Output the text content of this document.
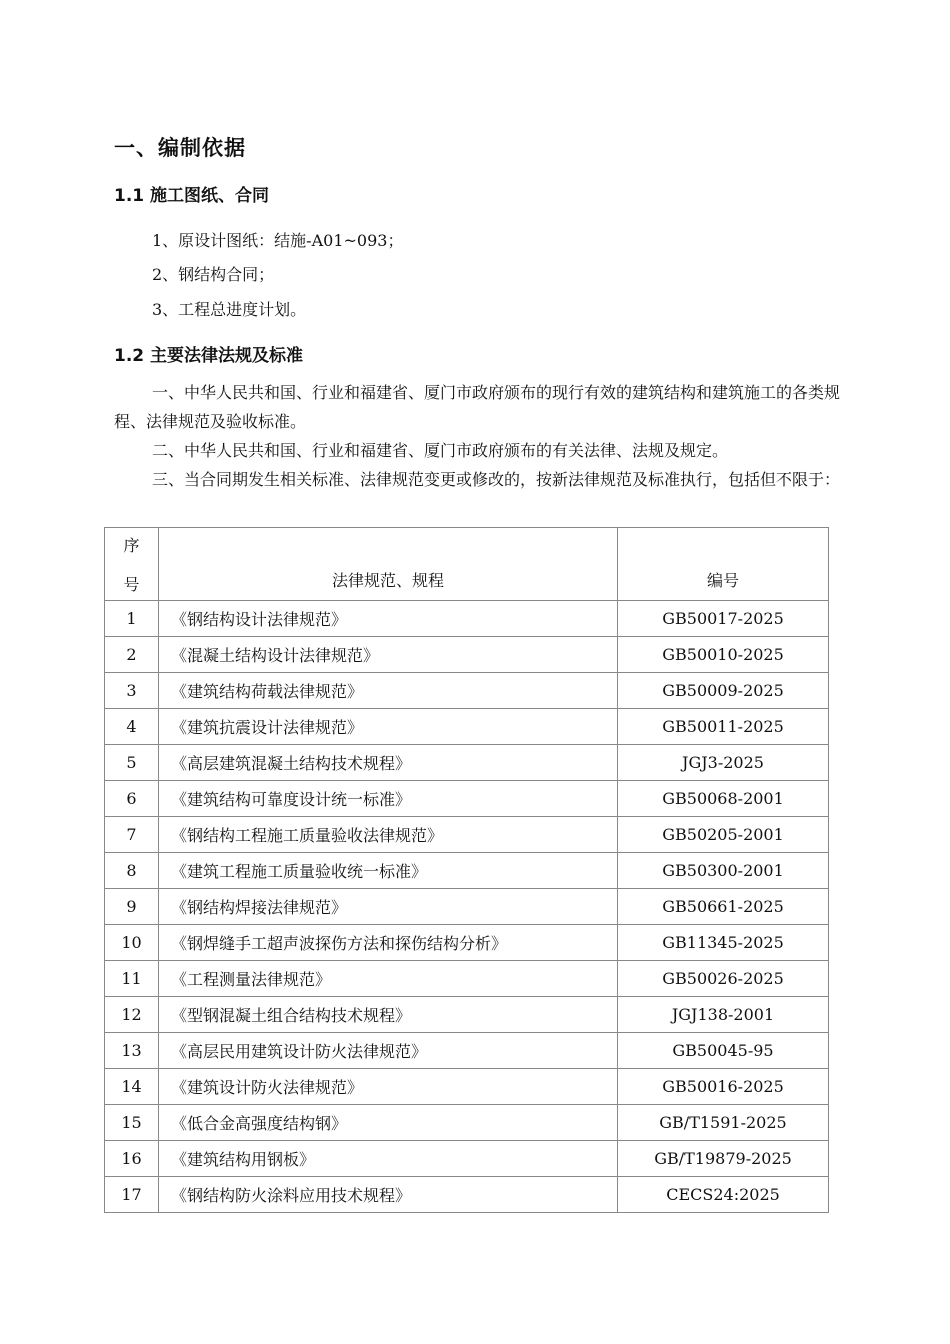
一、编制依据
1.1 施工图纸、合同

1、原设计图纸：结施-A01~093；

2、钢结构合同；

3、工程总进度计划。

1.2 主要法律法规及标准

一、中华人民共和国、行业和福建省、厦门市政府颁布的现行有效的建筑结构和建筑施工的各类规程、法律规范及验收标准。

二、中华人民共和国、行业和福建省、厦门市政府颁布的有关法律、法规及规定。

三、当合同期发生相关标准、法律规范变更或修改的，按新法律规范及标准执行，包括但不限于：

序
号	法律规范、规程	编号

1	《钢结构设计法律规范》	GB50017-2025
2	《混凝土结构设计法律规范》	GB50010-2025
3	《建筑结构荷载法律规范》	GB50009-2025
4	《建筑抗震设计法律规范》	GB50011-2025
5	《高层建筑混凝土结构技术规程》	JGJ3-2025
6	《建筑结构可靠度设计统一标准》	GB50068-2001
7	《钢结构工程施工质量验收法律规范》	GB50205-2001
8	《建筑工程施工质量验收统一标准》	GB50300-2001
9	《钢结构焊接法律规范》	GB50661-2025
10	《钢焊缝手工超声波探伤方法和探伤结构分析》	GB11345-2025
11	《工程测量法律规范》	GB50026-2025
12	《型钢混凝土组合结构技术规程》	JGJ138-2001
13	《高层民用建筑设计防火法律规范》	GB50045-95
14	《建筑设计防火法律规范》	GB50016-2025
15	《低合金高强度结构钢》	GB/T1591-2025
16	《建筑结构用钢板》	GB/T19879-2025
17	《钢结构防火涂料应用技术规程》	CECS24:2025
